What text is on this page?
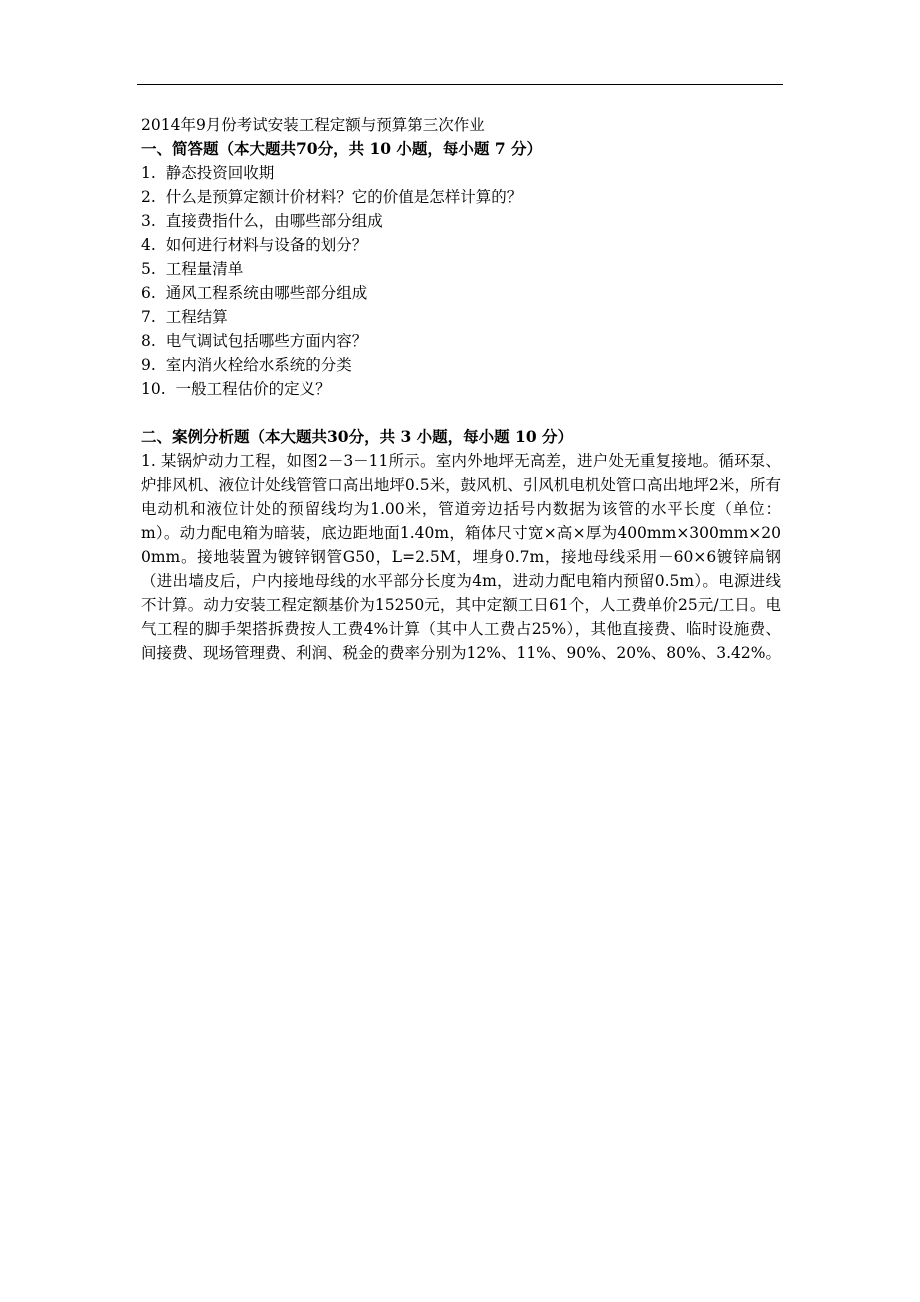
2014年9月份考试安装工程定额与预算第三次作业
一、简答题（本大题共70分，共 10 小题，每小题 7 分）
1. 静态投资回收期
2. 什么是预算定额计价材料？它的价值是怎样计算的？
3. 直接费指什么，由哪些部分组成
4. 如何进行材料与设备的划分？
5. 工程量清单
6. 通风工程系统由哪些部分组成
7. 工程结算
8. 电气调试包括哪些方面内容？
9. 室内消火栓给水系统的分类
10. 一般工程估价的定义？
二、案例分析题（本大题共30分，共 3 小题，每小题 10 分）
1. 某锅炉动力工程，如图2－3－11所示。室内外地坪无高差，进户处无重复接地。循环泵、炉排风机、液位计处线管管口高出地坪0.5米，鼓风机、引风机电机处管口高出地坪2米，所有电动机和液位计处的预留线均为1.00米，管道旁边括号内数据为该管的水平长度（单位：m）。动力配电箱为暗装，底边距地面1.40m，箱体尺寸宽×高×厚为400mm×300mm×200mm。接地装置为镀锌钢管G50，L=2.5M，埋身0.7m，接地母线采用－60×6镀锌扁钢（进出墙皮后，户内接地母线的水平部分长度为4m，进动力配电箱内预留0.5m）。电源进线不计算。动力安装工程定额基价为15250元，其中定额工日61个，人工费单价25元/工日。电气工程的脚手架搭拆费按人工费4%计算（其中人工费占25%），其他直接费、临时设施费、间接费、现场管理费、利润、税金的费率分别为12%、11%、90%、20%、80%、3.42%。
